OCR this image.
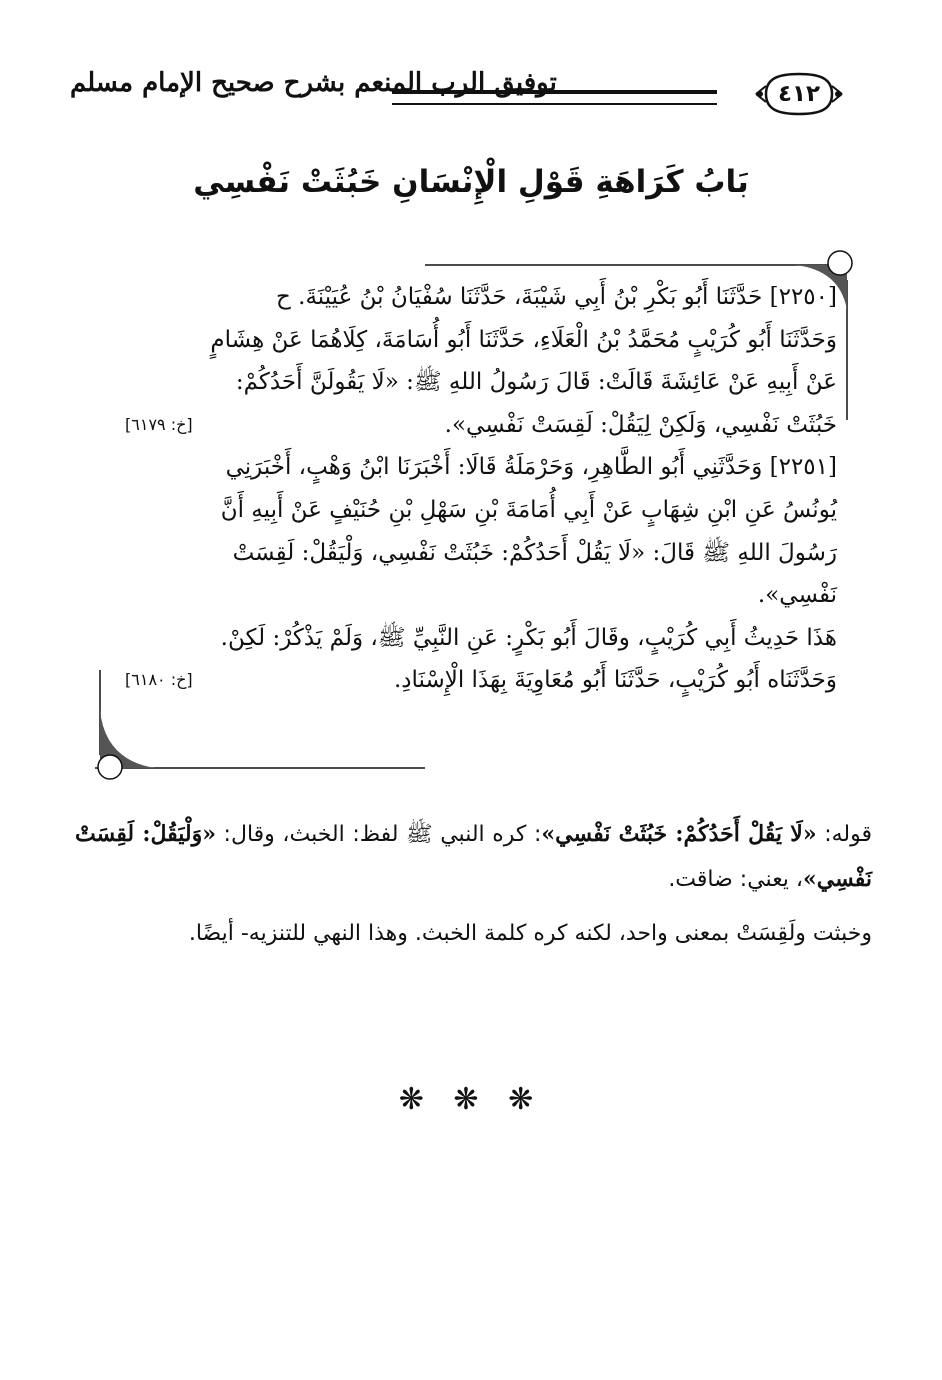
توفيق الرب المنعم بشرح صحيح الإمام مسلم	٤١٢
بَابُ كَرَاهَةِ قَوْلِ الْإِنْسَانِ خَبُثَتْ نَفْسِي
[٢٢٥٠] حَدَّثَنَا أَبُو بَكْرِ بْنُ أَبِي شَيْبَةَ، حَدَّثَنَا سُفْيَانُ بْنُ عُيَيْنَةَ. ح
وَحَدَّثَنَا أَبُو كُرَيْبٍ مُحَمَّدُ بْنُ الْعَلَاءِ، حَدَّثَنَا أَبُو أُسَامَةَ، كِلَاهُمَا عَنْ هِشَامٍ
عَنْ أَبِيهِ عَنْ عَائِشَةَ قَالَتْ: قَالَ رَسُولُ اللهِ ﷺ: «لَا يَقُولَنَّ أَحَدُكُمْ:
خَبُثَتْ نَفْسِي، وَلَكِنْ لِيَقُلْ: لَقِسَتْ نَفْسِي».
[خ: ٦١٧٩]
[٢٢٥١] وَحَدَّثَنِي أَبُو الطَّاهِرِ، وَحَرْمَلَةُ قَالَا: أَخْبَرَنَا ابْنُ وَهْبٍ، أَخْبَرَنِي
يُونُسُ عَنِ ابْنِ شِهَابٍ عَنْ أَبِي أُمَامَةَ بْنِ سَهْلِ بْنِ حُنَيْفٍ عَنْ أَبِيهِ أَنَّ
رَسُولَ اللهِ ﷺ قَالَ: «لَا يَقُلْ أَحَدُكُمْ: خَبُثَتْ نَفْسِي، وَلْيَقُلْ: لَقِسَتْ
نَفْسِي».
هَذَا حَدِيثُ أَبِي كُرَيْبٍ، وقَالَ أَبُو بَكْرٍ: عَنِ النَّبِيِّ ﷺ، وَلَمْ يَذْكُرْ: لَكِنْ.
وَحَدَّثَنَاه أَبُو كُرَيْبٍ، حَدَّثَنَا أَبُو مُعَاوِيَةَ بِهَذَا الْإِسْنَادِ.
[خ: ٦١٨٠]

قوله: «لَا يَقُلْ أَحَدُكُمْ: خَبُثَتْ نَفْسِي»: كره النبي ﷺ لفظ: الخبث، وقال: «وَلْيَقُلْ: لَقِسَتْ نَفْسِي»، يعني: ضاقت.

وخبثت ولَقِسَتْ بمعنى واحد، لكنه كره كلمة الخبث. وهذا النهي للتنزيه- أيضًا.

❋ ❋ ❋
